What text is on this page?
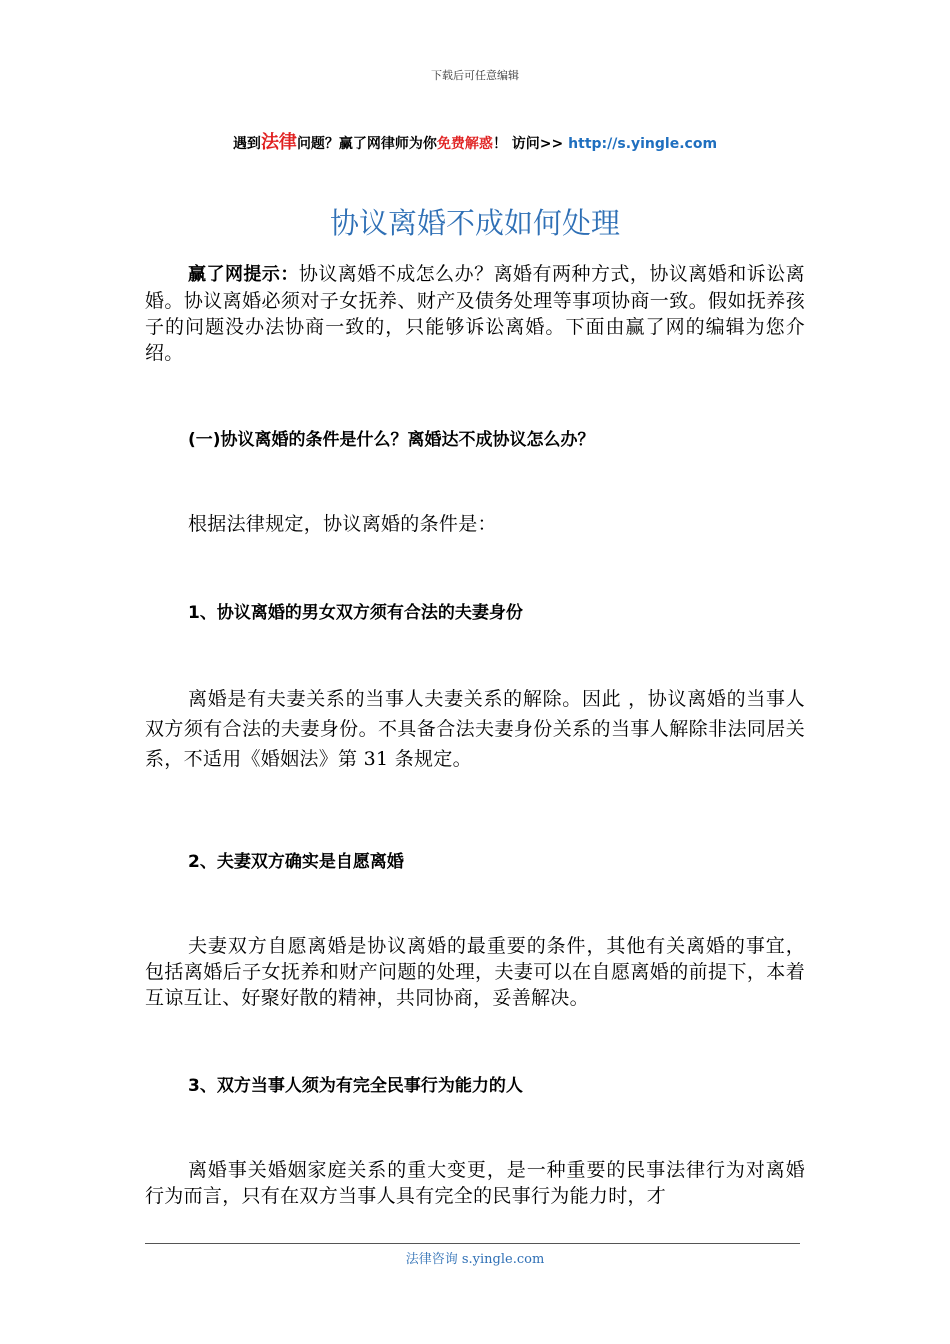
下载后可任意编辑
遇到法律问题？赢了网律师为你免费解惑！ 访问>> http://s.yingle.com
协议离婚不成如何处理
赢了网提示：协议离婚不成怎么办？离婚有两种方式，协议离婚和诉讼离婚。协议离婚必须对子女抚养、财产及债务处理等事项协商一致。假如抚养孩子的问题没办法协商一致的，只能够诉讼离婚。下面由赢了网的编辑为您介绍。
(一)协议离婚的条件是什么？离婚达不成协议怎么办？
根据法律规定，协议离婚的条件是：
1、协议离婚的男女双方须有合法的夫妻身份
离婚是有夫妻关系的当事人夫妻关系的解除。因此 ，协议离婚的当事人双方须有合法的夫妻身份。不具备合法夫妻身份关系的当事人解除非法同居关系，不适用《婚姻法》第 31 条规定。
2、夫妻双方确实是自愿离婚
夫妻双方自愿离婚是协议离婚的最重要的条件，其他有关离婚的事宜，包括离婚后子女抚养和财产问题的处理，夫妻可以在自愿离婚的前提下，本着互谅互让、好聚好散的精神，共同协商，妥善解决。
3、双方当事人须为有完全民事行为能力的人
离婚事关婚姻家庭关系的重大变更，是一种重要的民事法律行为对离婚行为而言，只有在双方当事人具有完全的民事行为能力时，才
法律咨询 s.yingle.com
